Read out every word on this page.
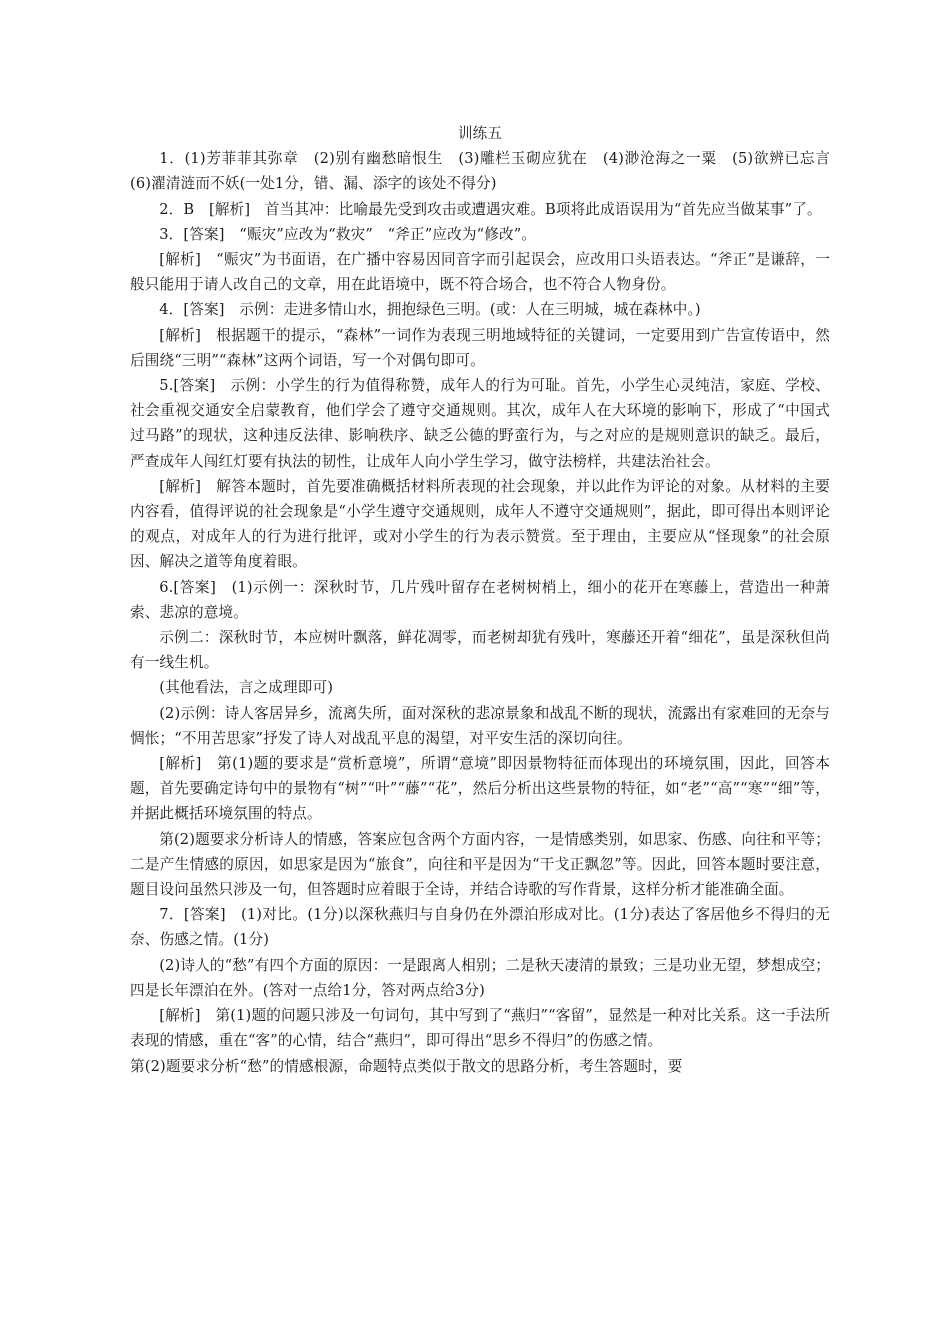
训练五

1．(1)芳菲菲其弥章　(2)别有幽愁暗恨生　(3)雕栏玉砌应犹在　(4)渺沧海之一粟　(5)欲辨已忘言　(6)濯清涟而不妖(一处1分，错、漏、添字的该处不得分)

2．B　[解析]　首当其冲：比喻最先受到攻击或遭遇灾难。B项将此成语误用为“首先应当做某事”了。

3．[答案]　“赈灾”应改为“救灾”　“斧正”应改为“修改”。

[解析]　“赈灾”为书面语，在广播中容易因同音字而引起误会，应改用口头语表达。“斧正”是谦辞，一般只能用于请人改自己的文章，用在此语境中，既不符合场合，也不符合人物身份。

4．[答案]　示例：走进多情山水，拥抱绿色三明。(或：人在三明城，城在森林中。)

[解析]　根据题干的提示，“森林”一词作为表现三明地域特征的关键词，一定要用到广告宣传语中，然后围绕“三明”“森林”这两个词语，写一个对偶句即可。

5.[答案]　示例：小学生的行为值得称赞，成年人的行为可耻。首先，小学生心灵纯洁，家庭、学校、社会重视交通安全启蒙教育，他们学会了遵守交通规则。其次，成年人在大环境的影响下，形成了“中国式过马路”的现状，这种违反法律、影响秩序、缺乏公德的野蛮行为，与之对应的是规则意识的缺乏。最后，严查成年人闯红灯要有执法的韧性，让成年人向小学生学习，做守法榜样，共建法治社会。

[解析]　解答本题时，首先要准确概括材料所表现的社会现象，并以此作为评论的对象。从材料的主要内容看，值得评说的社会现象是“小学生遵守交通规则，成年人不遵守交通规则”，据此，即可得出本则评论的观点，对成年人的行为进行批评，或对小学生的行为表示赞赏。至于理由，主要应从“怪现象”的社会原因、解决之道等角度着眼。

6.[答案]　(1)示例一：深秋时节，几片残叶留存在老树树梢上，细小的花开在寒藤上，营造出一种萧索、悲凉的意境。

示例二：深秋时节，本应树叶飘落，鲜花凋零，而老树却犹有残叶，寒藤还开着“细花”，虽是深秋但尚有一线生机。

(其他看法，言之成理即可)

(2)示例：诗人客居异乡，流离失所，面对深秋的悲凉景象和战乱不断的现状，流露出有家难回的无奈与惆怅；“不用苦思家”抒发了诗人对战乱平息的渴望，对平安生活的深切向往。

[解析]　第(1)题的要求是“赏析意境”，所谓“意境”即因景物特征而体现出的环境氛围，因此，回答本题，首先要确定诗句中的景物有“树”“叶”“藤”“花”，然后分析出这些景物的特征，如“老”“高”“寒”“细”等，并据此概括环境氛围的特点。

第(2)题要求分析诗人的情感，答案应包含两个方面内容，一是情感类别，如思家、伤感、向往和平等；二是产生情感的原因，如思家是因为“旅食”，向往和平是因为“干戈正飘忽”等。因此，回答本题时要注意，题目设问虽然只涉及一句，但答题时应着眼于全诗，并结合诗歌的写作背景，这样分析才能准确全面。

7．[答案]　(1)对比。(1分)以深秋燕归与自身仍在外漂泊形成对比。(1分)表达了客居他乡不得归的无奈、伤感之情。(1分)

(2)诗人的“愁”有四个方面的原因：一是跟离人相别；二是秋天凄清的景致；三是功业无望，梦想成空；四是长年漂泊在外。(答对一点给1分，答对两点给3分)

[解析]　第(1)题的问题只涉及一句词句，其中写到了“燕归”“客留”，显然是一种对比关系。这一手法所表现的情感，重在“客”的心情，结合“燕归”，即可得出“思乡不得归”的伤感之情。

第(2)题要求分析“愁”的情感根源，命题特点类似于散文的思路分析，考生答题时，要
